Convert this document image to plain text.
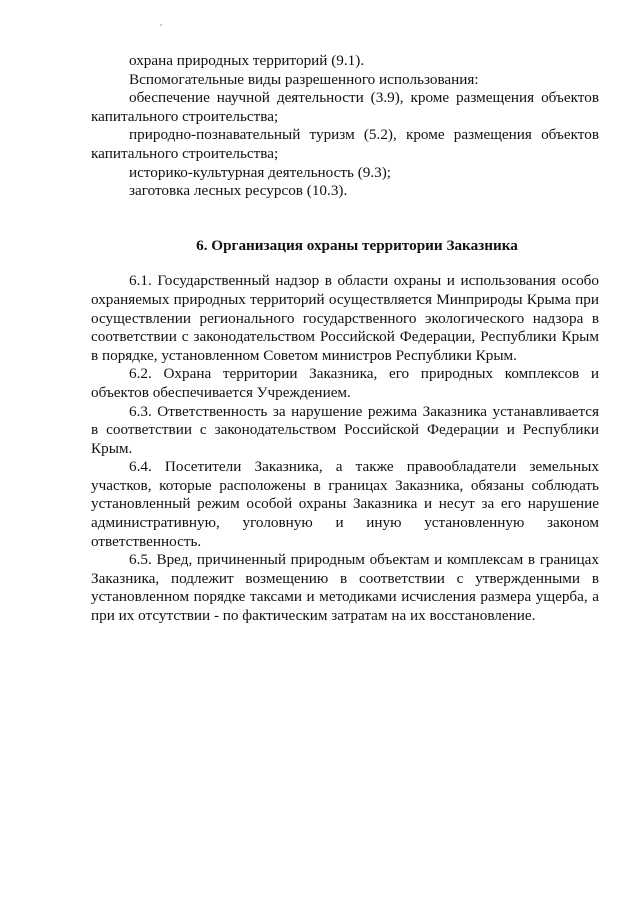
охрана природных территорий (9.1).

Вспомогательные виды разрешенного использования:

обеспечение научной деятельности (3.9), кроме размещения объектов капитального строительства;

природно-познавательный туризм (5.2), кроме размещения объектов капитального строительства;

историко-культурная деятельность (9.3);

заготовка лесных ресурсов (10.3).

6. Организация охраны территории Заказника

6.1. Государственный надзор в области охраны и использования особо охраняемых природных территорий осуществляется Минприроды Крыма при осуществлении регионального государственного экологического надзора в соответствии с законодательством Российской Федерации, Республики Крым в порядке, установленном Советом министров Республики Крым.

6.2. Охрана территории Заказника, его природных комплексов и объектов обеспечивается Учреждением.

6.3. Ответственность за нарушение режима Заказника устанавливается в соответствии с законодательством Российской Федерации и Республики Крым.

6.4. Посетители Заказника, а также правообладатели земельных участков, которые расположены в границах Заказника, обязаны соблюдать установленный режим особой охраны Заказника и несут за его нарушение административную, уголовную и иную установленную законом ответственность.

6.5. Вред, причиненный природным объектам и комплексам в границах Заказника, подлежит возмещению в соответствии с утвержденными в установленном порядке таксами и методиками исчисления размера ущерба, а при их отсутствии - по фактическим затратам на их восстановление.
